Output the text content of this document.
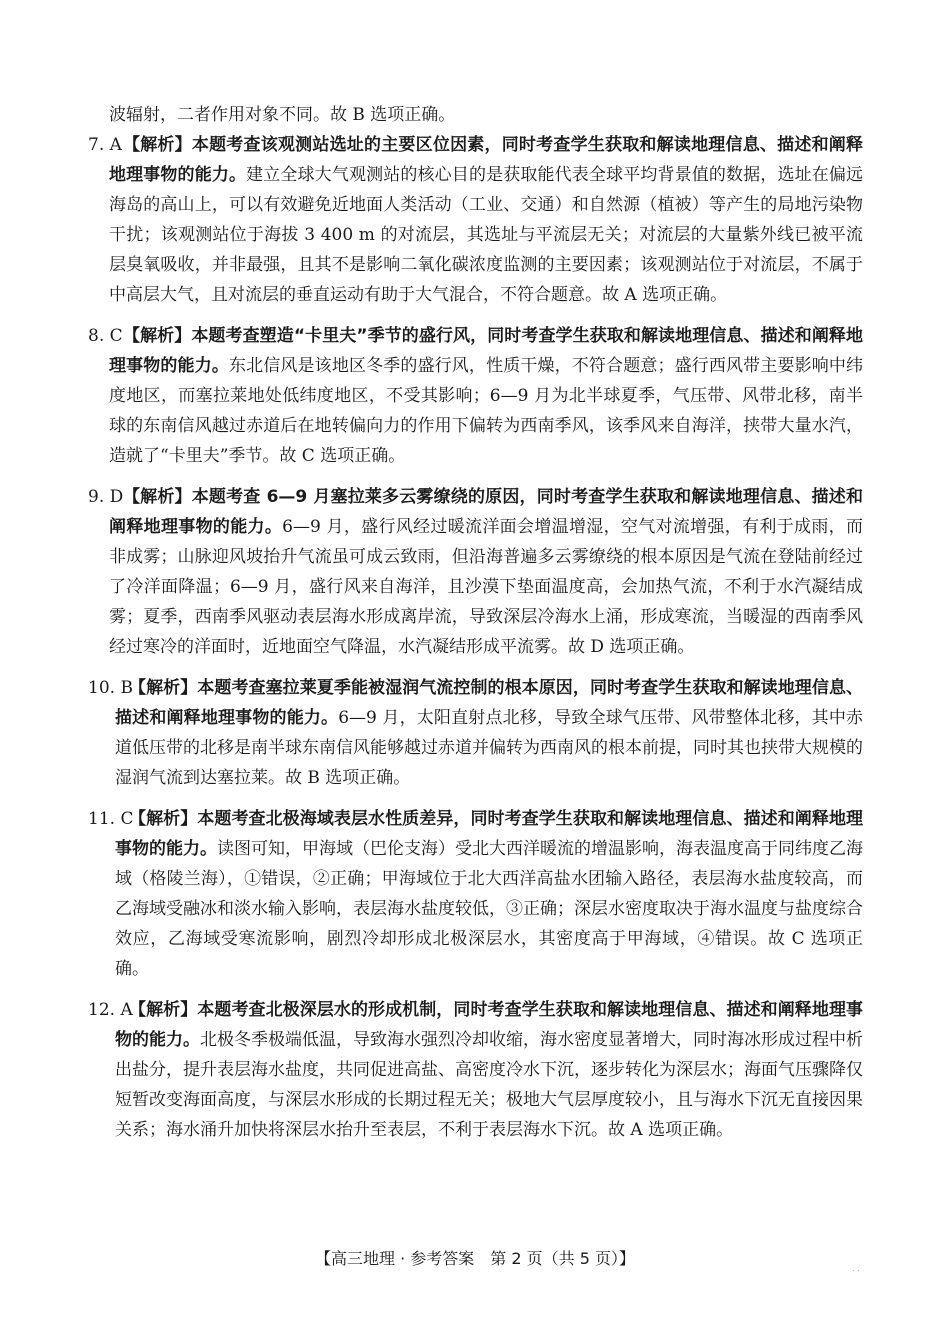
波辐射，二者作用对象不同。故 B 选项正确。

7. A 【解析】本题考查该观测站选址的主要区位因素，同时考查学生获取和解读地理信息、描述和阐释地理事物的能力。建立全球大气观测站的核心目的是获取能代表全球平均背景值的数据，选址在偏远海岛的高山上，可以有效避免近地面人类活动（工业、交通）和自然源（植被）等产生的局地污染物干扰；该观测站位于海拔 3 400 m 的对流层，其选址与平流层无关；对流层的大量紫外线已被平流层臭氧吸收，并非最强，且其不是影响二氧化碳浓度监测的主要因素；该观测站位于对流层，不属于中高层大气，且对流层的垂直运动有助于大气混合，不符合题意。故 A 选项正确。

8. C 【解析】本题考查塑造“卡里夫”季节的盛行风，同时考查学生获取和解读地理信息、描述和阐释地理事物的能力。东北信风是该地区冬季的盛行风，性质干燥，不符合题意；盛行西风带主要影响中纬度地区，而塞拉莱地处低纬度地区，不受其影响；6—9 月为北半球夏季，气压带、风带北移，南半球的东南信风越过赤道后在地转偏向力的作用下偏转为西南季风，该季风来自海洋，挟带大量水汽，造就了“卡里夫”季节。故 C 选项正确。

9. D 【解析】本题考查 6—9 月塞拉莱多云雾缭绕的原因，同时考查学生获取和解读地理信息、描述和阐释地理事物的能力。6—9 月，盛行风经过暖流洋面会增温增湿，空气对流增强，有利于成雨，而非成雾；山脉迎风坡抬升气流虽可成云致雨，但沿海普遍多云雾缭绕的根本原因是气流在登陆前经过了冷洋面降温；6—9 月，盛行风来自海洋，且沙漠下垫面温度高，会加热气流，不利于水汽凝结成雾；夏季，西南季风驱动表层海水形成离岸流，导致深层冷海水上涌，形成寒流，当暖湿的西南季风经过寒冷的洋面时，近地面空气降温，水汽凝结形成平流雾。故 D 选项正确。

10. B

【解析】本题考查塞拉莱夏季能被湿润气流控制的根本原因，同时考查学生获取和解读地理信息、描述和阐释地理事物的能力。6—9 月，太阳直射点北移，导致全球气压带、风带整体北移，其中赤道低压带的北移是南半球东南信风能够越过赤道并偏转为西南风的根本前提，同时其也挟带大规模的湿润气流到达塞拉莱。故 B 选项正确。

11. C

【解析】本题考查北极海域表层水性质差异，同时考查学生获取和解读地理信息、描述和阐释地理事物的能力。读图可知，甲海域（巴伦支海）受北大西洋暖流的增温影响，海表温度高于同纬度乙海域（格陵兰海），①错误，②正确；甲海域位于北大西洋高盐水团输入路径，表层海水盐度较高，而乙海域受融冰和淡水输入影响，表层海水盐度较低，③正确；深层水密度取决于海水温度与盐度综合效应，乙海域受寒流影响，剧烈冷却形成北极深层水，其密度高于甲海域，④错误。故 C 选项正确。

12. A

【解析】本题考查北极深层水的形成机制，同时考查学生获取和解读地理信息、描述和阐释地理事物的能力。北极冬季极端低温，导致海水强烈冷却收缩，海水密度显著增大，同时海冰形成过程中析出盐分，提升表层海水盐度，共同促进高盐、高密度冷水下沉，逐步转化为深层水；海面气压骤降仅短暂改变海面高度，与深层水形成的长期过程无关；极地大气层厚度较小，且与海水下沉无直接因果关系；海水涌升加快将深层水抬升至表层，不利于表层海水下沉。故 A 选项正确。

【高三地理 · 参考答案　第 2 页（共 5 页）】
. .
